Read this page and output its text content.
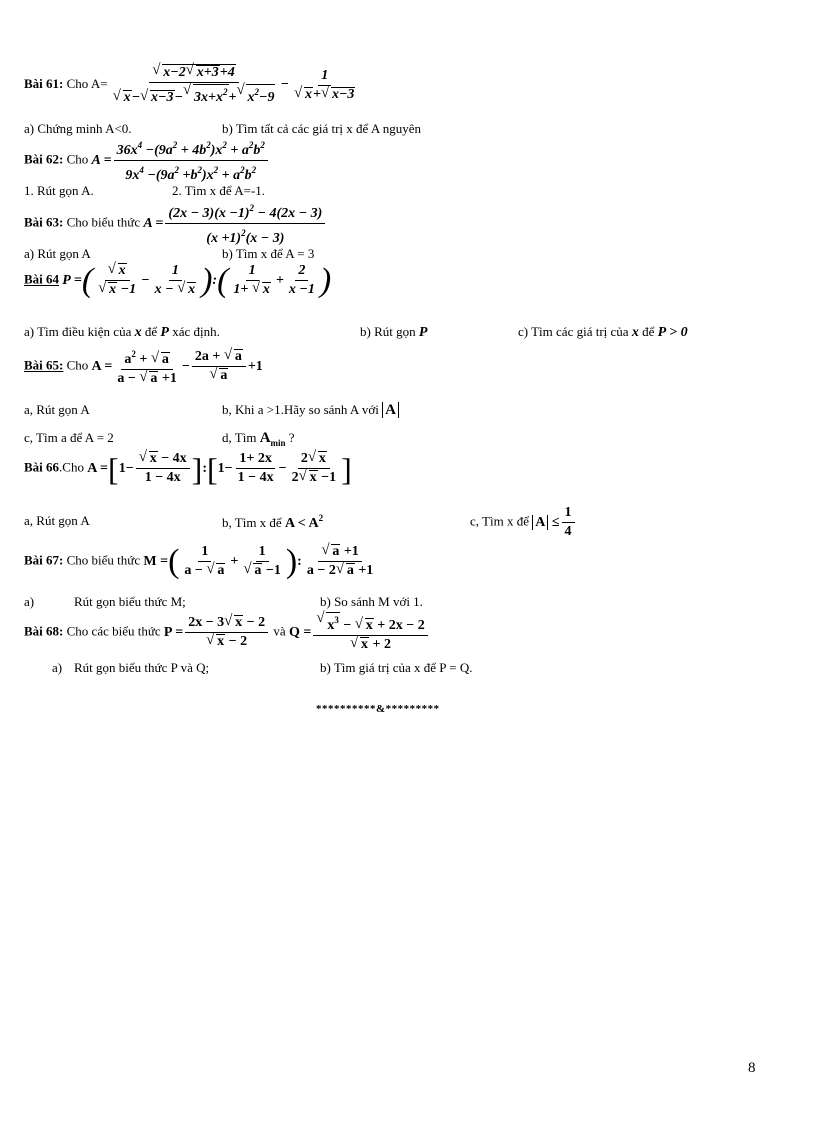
Bài 61: Cho A=
√ x−2√ x+3+4
√ x−√ x−3−√ $3x+x^2+√$ $x^2-9 - 1$
√ x+√ x−3
a) Chứng minh A<0.	b) Tìm tất cả các giá trị x để A nguyên
Bài 62: Cho $A = \frac{36x^4 -(9a^2 + 4b^2)x^2 + a^2b^2}{9x^4 -(9a^2 +b^2)x^2 + a^2b^2}$
1. Rút gọn A.	2. Tìm x để A=-1.
Bài 63: Cho biểu thức $A = \frac{(2x - 3)(x -1)^2 - 4(2x - 3)}{(x +1)^2(x - 3)}$
a) Rút gọn A	b) Tìm x để A = 3
Bài 64 P =(
√ x
√ $x -1 - \frac{1}{x - √ x}$ ):( $\frac{1}{1+ √ x} + \frac{2}{x -1}$ )
a) Tìm điều kiện của x để P xác định.	b) Rút gọn P	c) Tìm các giá trị của x để P > 0
Bài 65: Cho $A = \frac{a^2 + √ a}{a - √ a +1} - 2a$ + √ a
√ a +1
a, Rút gọn A	b, Khi a >1.Hãy so sánh A với A
c, Tìm a để A = 2	d, Tìm $A_{min}$ ?
Bài 66.Cho A =[1−
√ $\frac{x - 4x}{1 - 4x}$ ]:[1− $\frac{1+ 2x}{1 - 4x} - \frac{2√ x}{2√ x -1}$ ]
a, Rút gọn A	b, Tìm x để $A < A^2$	c, Tìm x để $A \le \frac{1}{4}$
Bài 67: Cho biểu thức M =( $\frac{1}{a - √ a} + 1$
√ a −1 ):
√ $\frac{a +1}{a - 2√ a +1}$
a)	Rút gọn biểu thức M;	b) So sánh M với 1.
Bài 68: Cho các biểu thức P = 2x − 3√ x − 2
√ x − 2 và Q =
√ $x^3$ − √ x + 2x − 2
√ x + 2
a) Rút gọn biểu thức P và Q;	b) Tìm giá trị của x để P = Q.
**********&*********
8
